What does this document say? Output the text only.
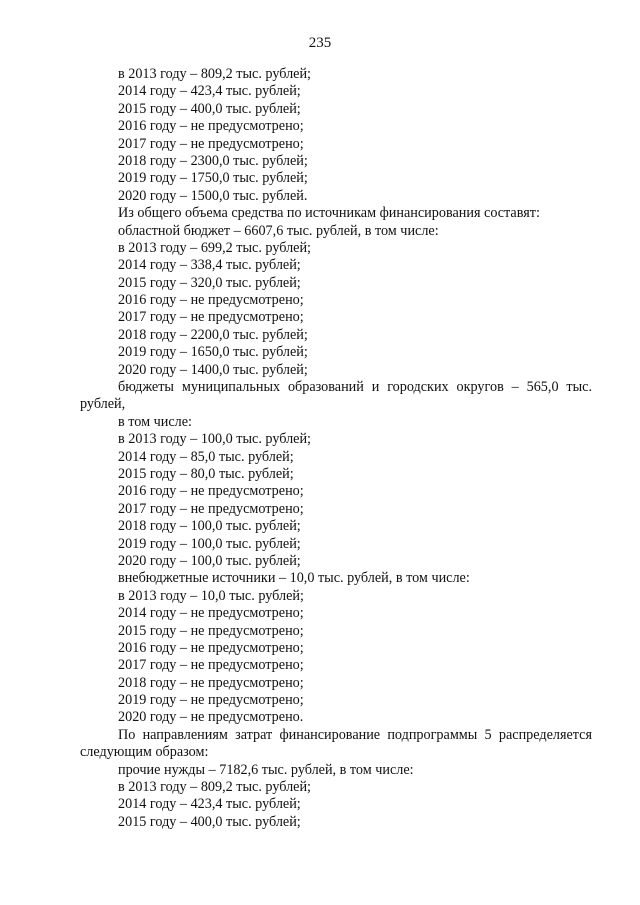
235
в 2013 году – 809,2 тыс. рублей;
2014 году – 423,4 тыс. рублей;
2015 году – 400,0 тыс. рублей;
2016 году – не предусмотрено;
2017 году – не предусмотрено;
2018 году – 2300,0 тыс. рублей;
2019 году – 1750,0 тыс. рублей;
2020 году – 1500,0 тыс. рублей.
Из общего объема средства по источникам финансирования составят:
областной бюджет – 6607,6 тыс. рублей, в том числе:
в 2013 году – 699,2 тыс. рублей;
2014 году – 338,4 тыс. рублей;
2015 году – 320,0 тыс. рублей;
2016 году – не предусмотрено;
2017 году – не предусмотрено;
2018 году – 2200,0 тыс. рублей;
2019 году – 1650,0 тыс. рублей;
2020 году – 1400,0 тыс. рублей;
бюджеты муниципальных образований и городских округов – 565,0 тыс.
рублей,
в том числе:
в 2013 году – 100,0 тыс. рублей;
2014 году – 85,0 тыс. рублей;
2015 году – 80,0 тыс. рублей;
2016 году – не предусмотрено;
2017 году – не предусмотрено;
2018 году – 100,0 тыс. рублей;
2019 году – 100,0 тыс. рублей;
2020 году – 100,0 тыс. рублей;
внебюджетные источники – 10,0 тыс. рублей, в том числе:
в 2013 году – 10,0 тыс. рублей;
2014 году – не предусмотрено;
2015 году – не предусмотрено;
2016 году – не предусмотрено;
2017 году – не предусмотрено;
2018 году – не предусмотрено;
2019 году – не предусмотрено;
2020 году – не предусмотрено.
По направлениям затрат финансирование подпрограммы 5 распределяется
следующим образом:
прочие нужды – 7182,6 тыс. рублей, в том числе:
в 2013 году – 809,2 тыс. рублей;
2014 году – 423,4 тыс. рублей;
2015 году – 400,0 тыс. рублей;
